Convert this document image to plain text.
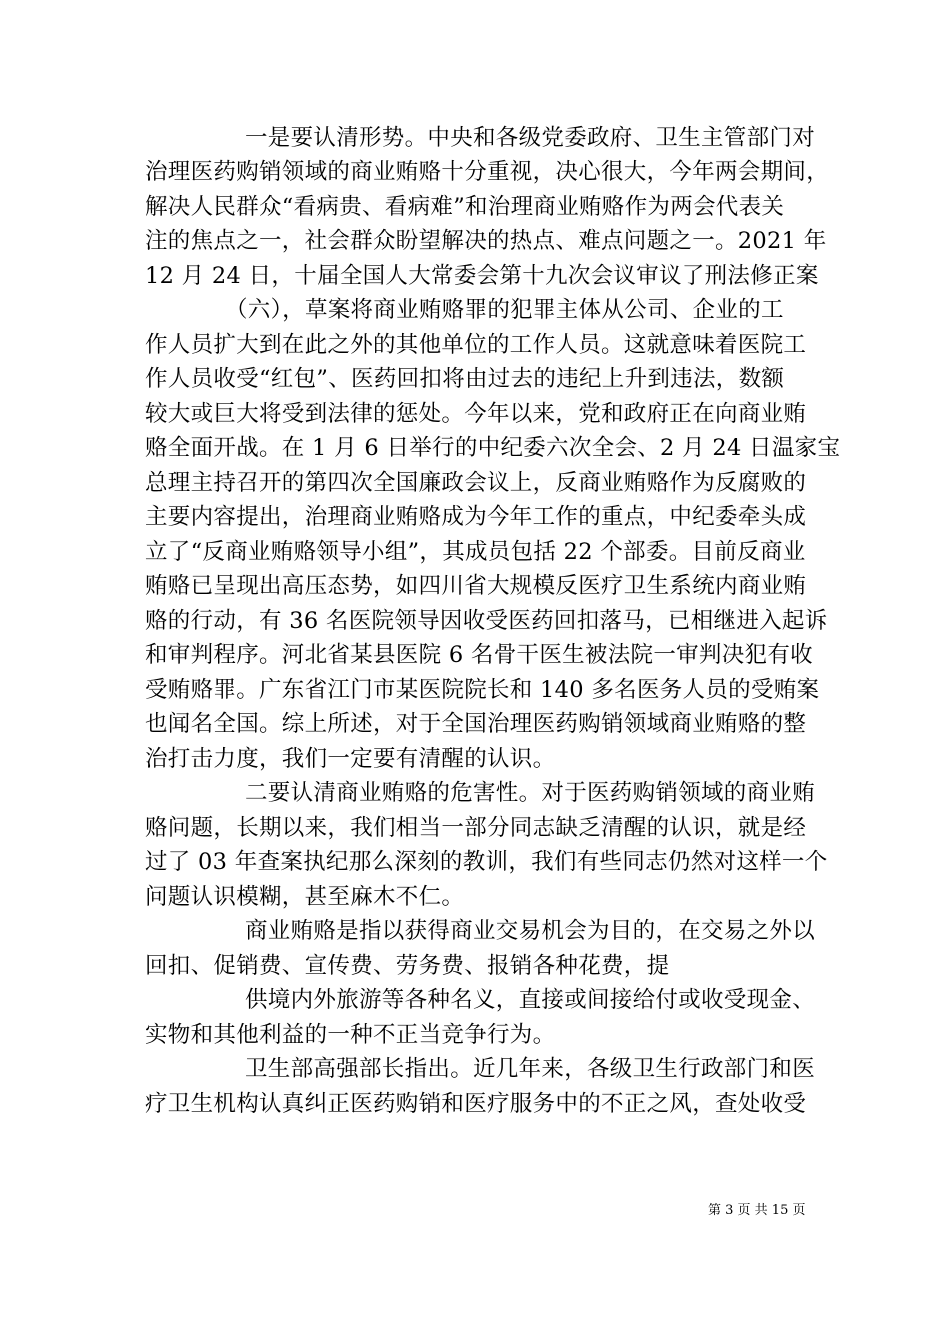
一是要认清形势。中央和各级党委政府、卫生主管部门对
治理医药购销领域的商业贿赂十分重视，决心很大，今年两会期间，
解决人民群众“看病贵、看病难”和治理商业贿赂作为两会代表关
注的焦点之一，社会群众盼望解决的热点、难点问题之一。2021 年
12 月 24 日，十届全国人大常委会第十九次会议审议了刑法修正案
（六），草案将商业贿赂罪的犯罪主体从公司、企业的工
作人员扩大到在此之外的其他单位的工作人员。这就意味着医院工
作人员收受“红包”、医药回扣将由过去的违纪上升到违法，数额
较大或巨大将受到法律的惩处。今年以来，党和政府正在向商业贿
赂全面开战。在 1 月 6 日举行的中纪委六次全会、2 月 24 日温家宝
总理主持召开的第四次全国廉政会议上，反商业贿赂作为反腐败的
主要内容提出，治理商业贿赂成为今年工作的重点，中纪委牵头成
立了“反商业贿赂领导小组”，其成员包括 22 个部委。目前反商业
贿赂已呈现出高压态势，如四川省大规模反医疗卫生系统内商业贿
赂的行动，有 36 名医院领导因收受医药回扣落马，已相继进入起诉
和审判程序。河北省某县医院 6 名骨干医生被法院一审判决犯有收
受贿赂罪。广东省江门市某医院院长和 140 多名医务人员的受贿案
也闻名全国。综上所述，对于全国治理医药购销领域商业贿赂的整
治打击力度，我们一定要有清醒的认识。
二要认清商业贿赂的危害性。对于医药购销领域的商业贿
赂问题，长期以来，我们相当一部分同志缺乏清醒的认识，就是经
过了 03 年查案执纪那么深刻的教训，我们有些同志仍然对这样一个
问题认识模糊，甚至麻木不仁。
商业贿赂是指以获得商业交易机会为目的，在交易之外以
回扣、促销费、宣传费、劳务费、报销各种花费，提
供境内外旅游等各种名义，直接或间接给付或收受现金、
实物和其他利益的一种不正当竞争行为。
卫生部高强部长指出。近几年来，各级卫生行政部门和医
疗卫生机构认真纠正医药购销和医疗服务中的不正之风，查处收受
第 3 页 共 15 页
